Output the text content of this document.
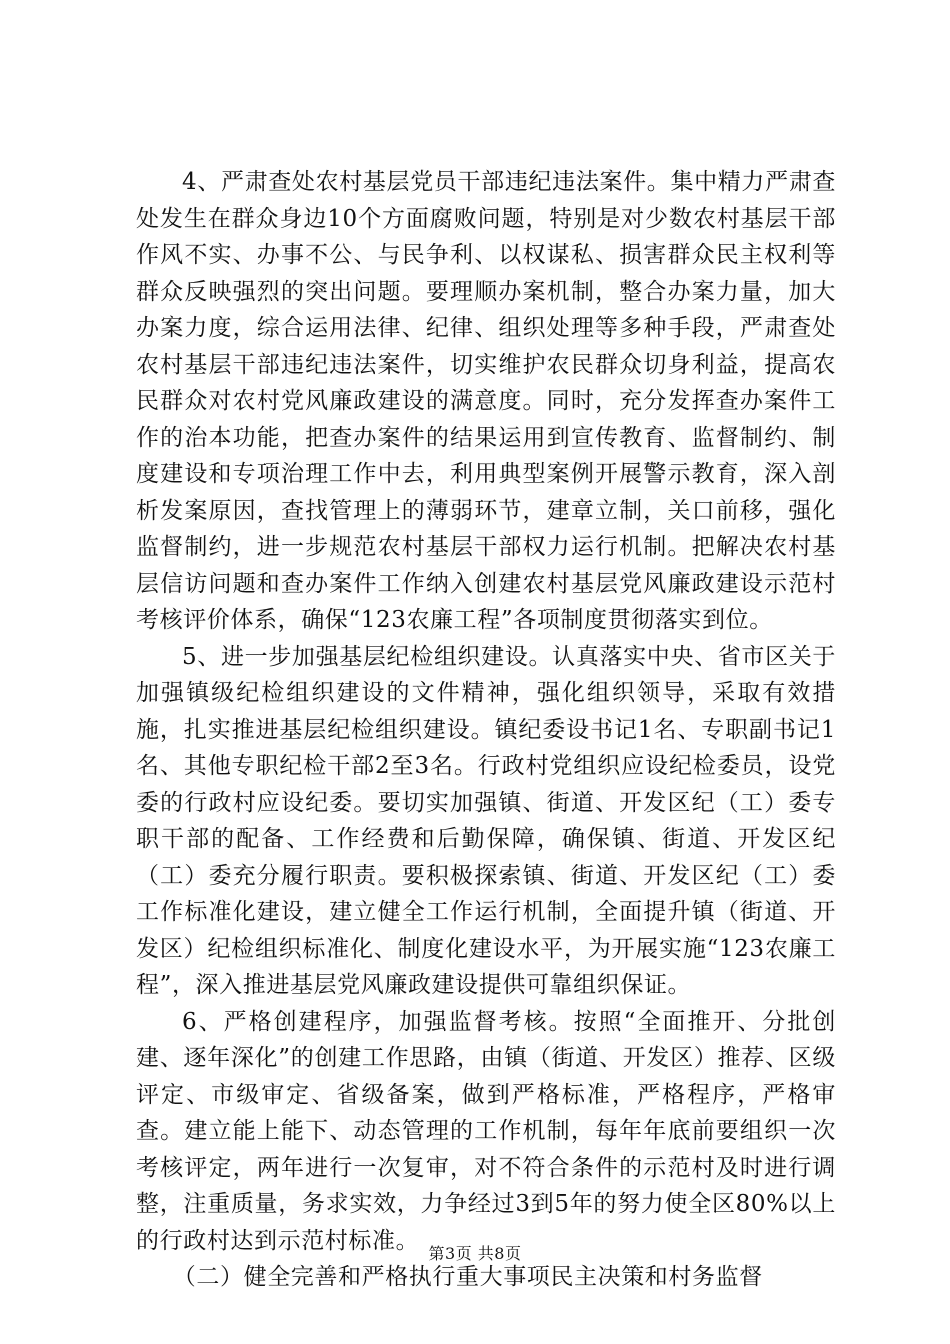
4、严肃查处农村基层党员干部违纪违法案件。集中精力严肃查处发生在群众身边10个方面腐败问题，特别是对少数农村基层干部作风不实、办事不公、与民争利、以权谋私、损害群众民主权利等群众反映强烈的突出问题。要理顺办案机制，整合办案力量，加大办案力度，综合运用法律、纪律、组织处理等多种手段，严肃查处农村基层干部违纪违法案件，切实维护农民群众切身利益，提高农民群众对农村党风廉政建设的满意度。同时，充分发挥查办案件工作的治本功能，把查办案件的结果运用到宣传教育、监督制约、制度建设和专项治理工作中去，利用典型案例开展警示教育，深入剖析发案原因，查找管理上的薄弱环节，建章立制，关口前移，强化监督制约，进一步规范农村基层干部权力运行机制。把解决农村基层信访问题和查办案件工作纳入创建农村基层党风廉政建设示范村考核评价体系，确保“123农廉工程”各项制度贯彻落实到位。

5、进一步加强基层纪检组织建设。认真落实中央、省市区关于加强镇级纪检组织建设的文件精神，强化组织领导，采取有效措施，扎实推进基层纪检组织建设。镇纪委设书记1名、专职副书记1名、其他专职纪检干部2至3名。行政村党组织应设纪检委员，设党委的行政村应设纪委。要切实加强镇、街道、开发区纪（工）委专职干部的配备、工作经费和后勤保障，确保镇、街道、开发区纪（工）委充分履行职责。要积极探索镇、街道、开发区纪（工）委工作标准化建设，建立健全工作运行机制，全面提升镇（街道、开发区）纪检组织标准化、制度化建设水平，为开展实施“123农廉工程”，深入推进基层党风廉政建设提供可靠组织保证。

6、严格创建程序，加强监督考核。按照“全面推开、分批创建、逐年深化”的创建工作思路，由镇（街道、开发区）推荐、区级评定、市级审定、省级备案，做到严格标准，严格程序，严格审查。建立能上能下、动态管理的工作机制，每年年底前要组织一次考核评定，两年进行一次复审，对不符合条件的示范村及时进行调整，注重质量，务求实效，力争经过3到5年的努力使全区80%以上的行政村达到示范村标准。

（二）健全完善和严格执行重大事项民主决策和村务监督

第3页 共8页
